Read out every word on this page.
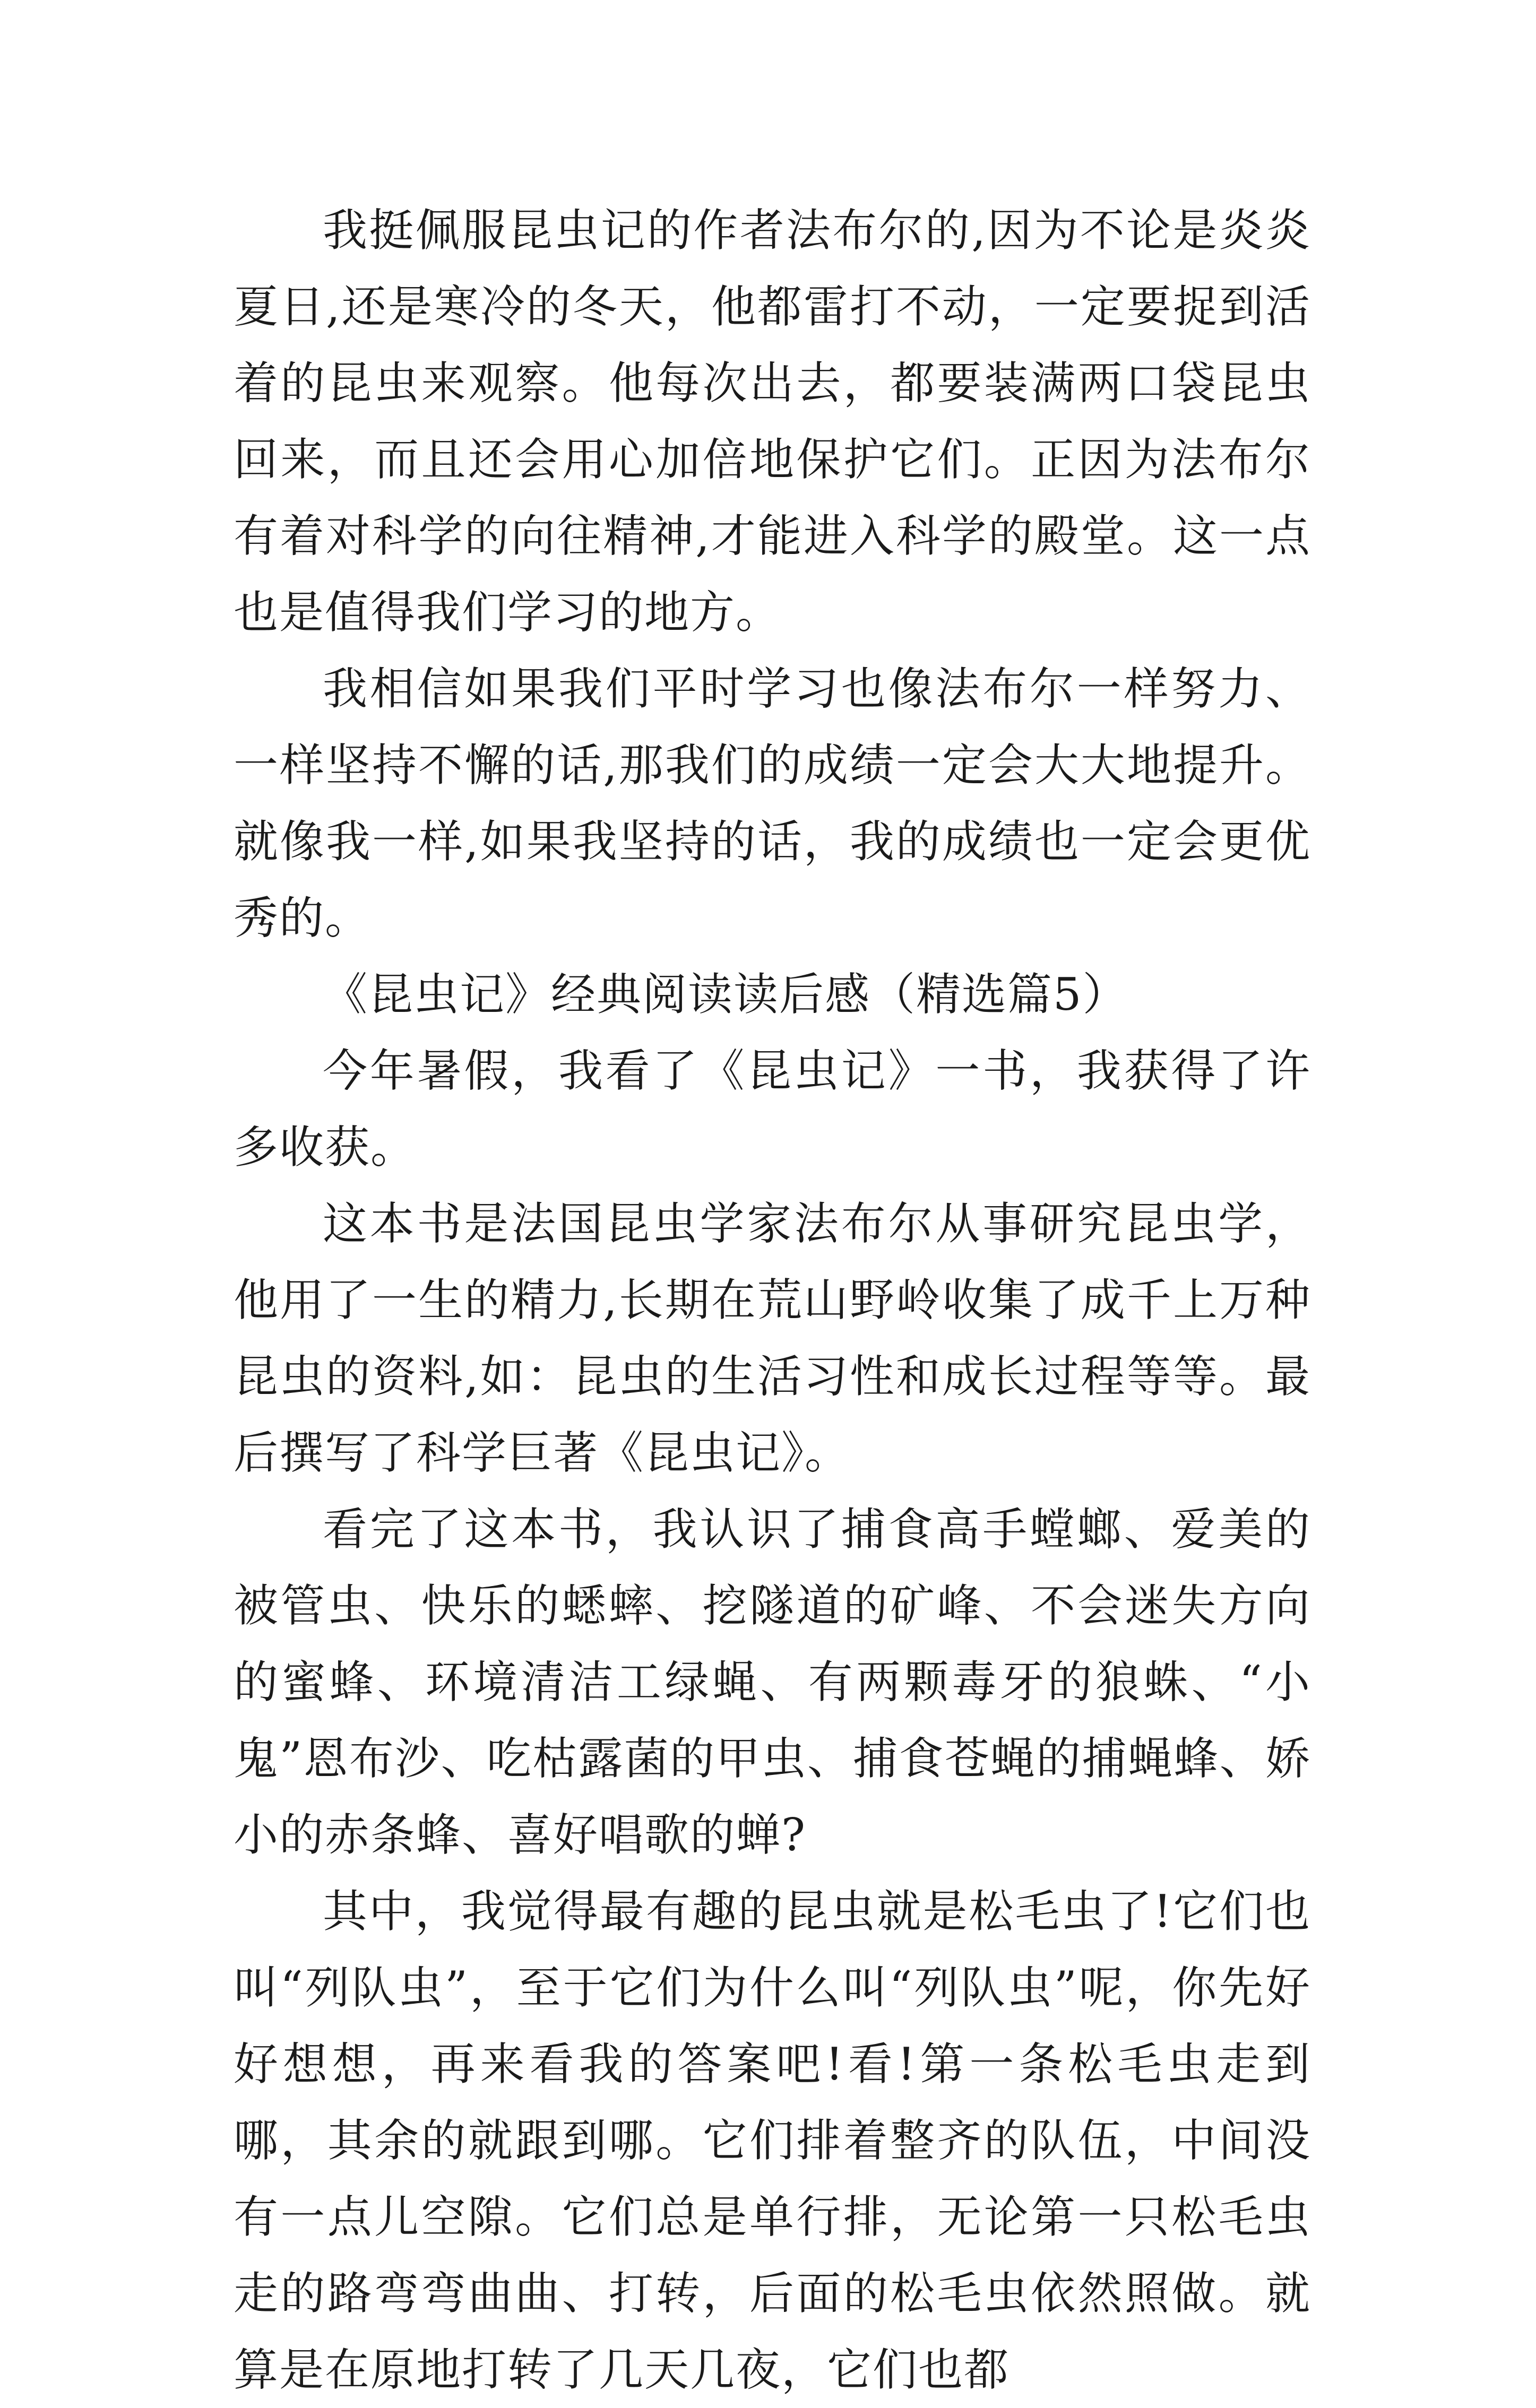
我挺佩服昆虫记的作者法布尔的,因为不论是炎炎夏日,还是寒冷的冬天，他都雷打不动，一定要捉到活着的昆虫来观察。他每次出去，都要装满两口袋昆虫回来，而且还会用心加倍地保护它们。正因为法布尔有着对科学的向往精神,才能进入科学的殿堂。这一点也是值得我们学习的地方。

我相信如果我们平时学习也像法布尔一样努力、一样坚持不懈的话,那我们的成绩一定会大大地提升。就像我一样,如果我坚持的话，我的成绩也一定会更优秀的。

《昆虫记》经典阅读读后感（精选篇5）

今年暑假，我看了《昆虫记》一书，我获得了许多收获。

这本书是法国昆虫学家法布尔从事研究昆虫学，他用了一生的精力,长期在荒山野岭收集了成千上万种昆虫的资料,如：昆虫的生活习性和成长过程等等。最后撰写了科学巨著《昆虫记》。

看完了这本书，我认识了捕食高手螳螂、爱美的被管虫、快乐的蟋蟀、挖隧道的矿峰、不会迷失方向的蜜蜂、环境清洁工绿蝇、有两颗毒牙的狼蛛、“小鬼”恩布沙、吃枯露菌的甲虫、捕食苍蝇的捕蝇蜂、娇小的赤条蜂、喜好唱歌的蝉?

其中，我觉得最有趣的昆虫就是松毛虫了!它们也叫“列队虫”，至于它们为什么叫“列队虫”呢，你先好好想想，再来看我的答案吧!看!第一条松毛虫走到哪，其余的就跟到哪。它们排着整齐的队伍，中间没有一点儿空隙。它们总是单行排，无论第一只松毛虫走的路弯弯曲曲、打转，后面的松毛虫依然照做。就算是在原地打转了几天几夜，它们也都
